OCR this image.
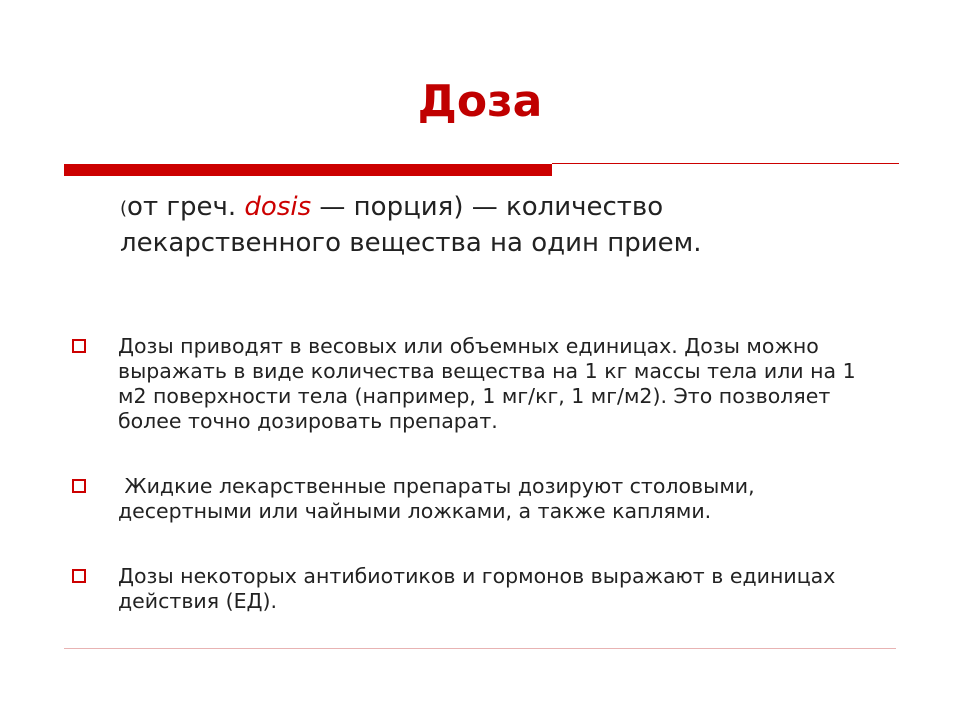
Доза
(от греч. dosis — порция) — количество лекарственного вещества на один прием.
Дозы приводят в весовых или объемных единицах. Дозы можно выражать в виде количества вещества на 1 кг массы тела или на 1 м2 поверхности тела (например, 1 мг/кг, 1 мг/м2). Это позволяет более точно дозировать препарат.
Жидкие лекарственные препараты дозируют столовыми, десертными или чайными ложками, а также каплями.
Дозы некоторых антибиотиков и гормонов выражают в единицах действия (ЕД).
